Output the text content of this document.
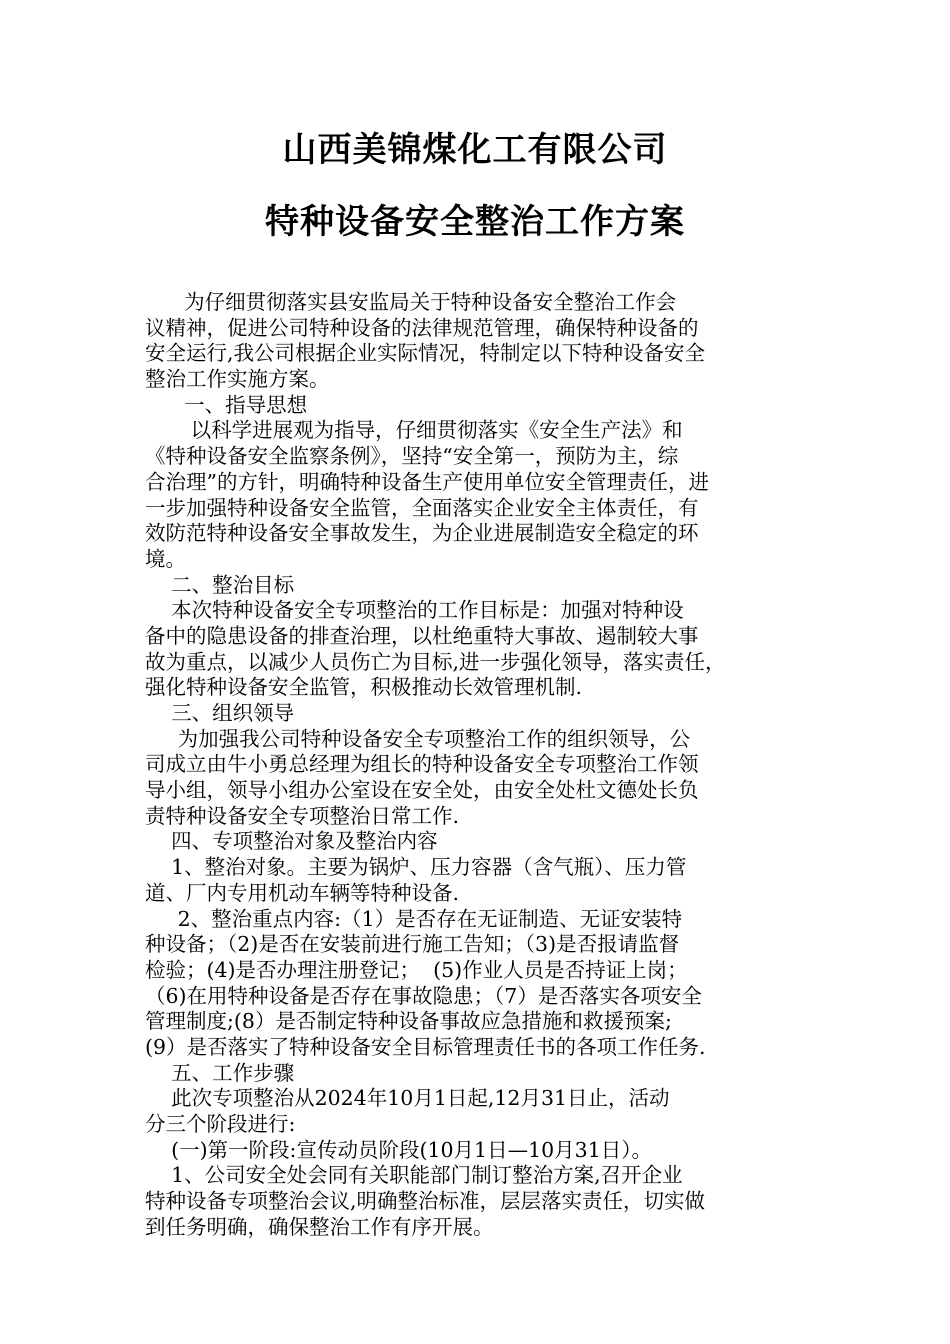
山西美锦煤化工有限公司
特种设备安全整治工作方案
为仔细贯彻落实县安监局关于特种设备安全整治工作会
议精神，促进公司特种设备的法律规范管理，确保特种设备的
安全运行,我公司根据企业实际情况，特制定以下特种设备安全
整治工作实施方案。
一、指导思想
以科学进展观为指导，仔细贯彻落实《安全生产法》和
《特种设备安全监察条例》，坚持“安全第一，预防为主，综
合治理”的方针，明确特种设备生产使用单位安全管理责任，进
一步加强特种设备安全监管，全面落实企业安全主体责任，有
效防范特种设备安全事故发生，为企业进展制造安全稳定的环
境。
二、整治目标
本次特种设备安全专项整治的工作目标是：加强对特种设
备中的隐患设备的排查治理，以杜绝重特大事故、遏制较大事
故为重点，以减少人员伤亡为目标,进一步强化领导，落实责任，
强化特种设备安全监管，积极推动长效管理机制.
三、组织领导
为加强我公司特种设备安全专项整治工作的组织领导，公
司成立由牛小勇总经理为组长的特种设备安全专项整治工作领
导小组，领导小组办公室设在安全处，由安全处杜文德处长负
责特种设备安全专项整治日常工作.
四、专项整治对象及整治内容
1、整治对象。主要为锅炉、压力容器（含气瓶）、压力管
道、厂内专用机动车辆等特种设备.
2、整治重点内容:（1）是否存在无证制造、无证安装特
种设备；（2)是否在安装前进行施工告知；（3)是否报请监督
检验；(4)是否办理注册登记；  (5)作业人员是否持证上岗；
（6)在用特种设备是否存在事故隐患；（7）是否落实各项安全
管理制度;(8）是否制定特种设备事故应急措施和救援预案;
(9）是否落实了特种设备安全目标管理责任书的各项工作任务.
五、工作步骤
此次专项整治从2024年10月1日起,12月31日止，活动
分三个阶段进行:
(一)第一阶段:宣传动员阶段(10月1日—10月31日）。
1、公司安全处会同有关职能部门制订整治方案,召开企业
特种设备专项整治会议,明确整治标准，层层落实责任，切实做
到任务明确，确保整治工作有序开展。
